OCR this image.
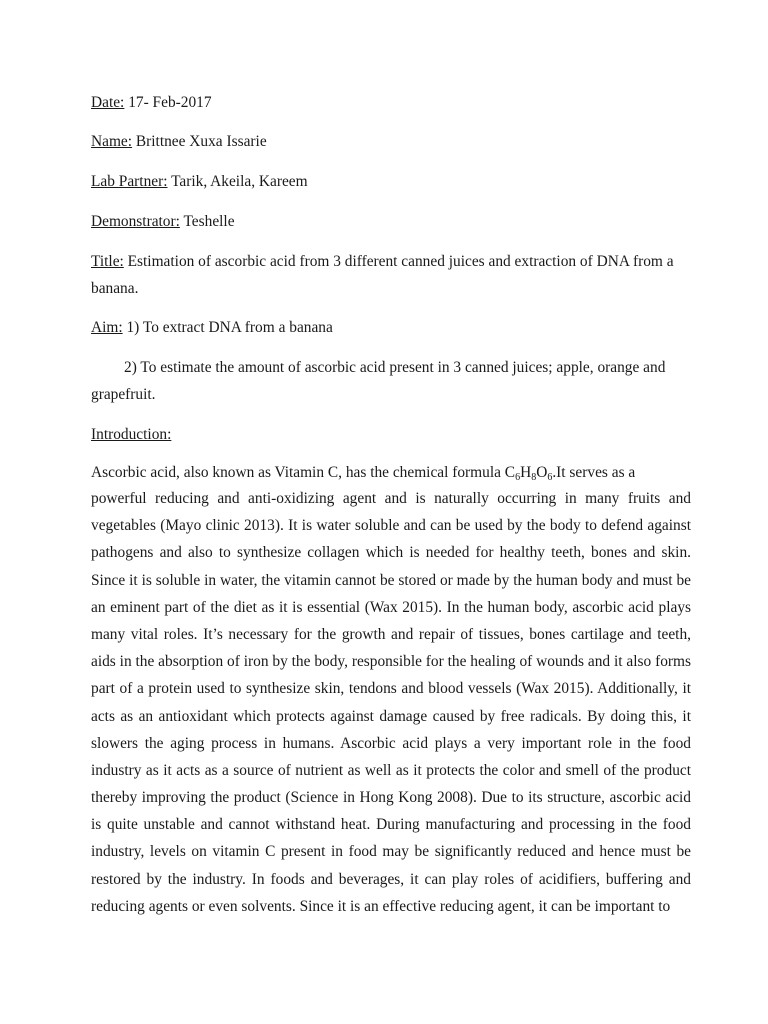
Date: 17- Feb-2017
Name: Brittnee Xuxa Issarie
Lab Partner: Tarik, Akeila, Kareem
Demonstrator: Teshelle
Title: Estimation of ascorbic acid from 3 different canned juices and extraction of DNA from a
banana.
Aim: 1) To extract DNA from a banana
2) To estimate the amount of ascorbic acid present in 3 canned juices; apple, orange and
grapefruit.
Introduction:
Ascorbic acid, also known as Vitamin C, has the chemical formula $C_6H_8O_6.It$ serves as a
powerful reducing and anti-oxidizing agent and is naturally occurring in many fruits and
vegetables (Mayo clinic 2013). It is water soluble and can be used by the body to defend against
pathogens and also to synthesize collagen which is needed for healthy teeth, bones and skin.
Since it is soluble in water, the vitamin cannot be stored or made by the human body and must be
an eminent part of the diet as it is essential (Wax 2015). In the human body, ascorbic acid plays
many vital roles. It’s necessary for the growth and repair of tissues, bones cartilage and teeth,
aids in the absorption of iron by the body, responsible for the healing of wounds and it also forms
part of a protein used to synthesize skin, tendons and blood vessels (Wax 2015). Additionally, it
acts as an antioxidant which protects against damage caused by free radicals. By doing this, it
slowers the aging process in humans. Ascorbic acid plays a very important role in the food
industry as it acts as a source of nutrient as well as it protects the color and smell of the product
thereby improving the product (Science in Hong Kong 2008). Due to its structure, ascorbic acid
is quite unstable and cannot withstand heat. During manufacturing and processing in the food
industry, levels on vitamin C present in food may be significantly reduced and hence must be
restored by the industry. In foods and beverages, it can play roles of acidifiers, buffering and
reducing agents or even solvents. Since it is an effective reducing agent, it can be important to
